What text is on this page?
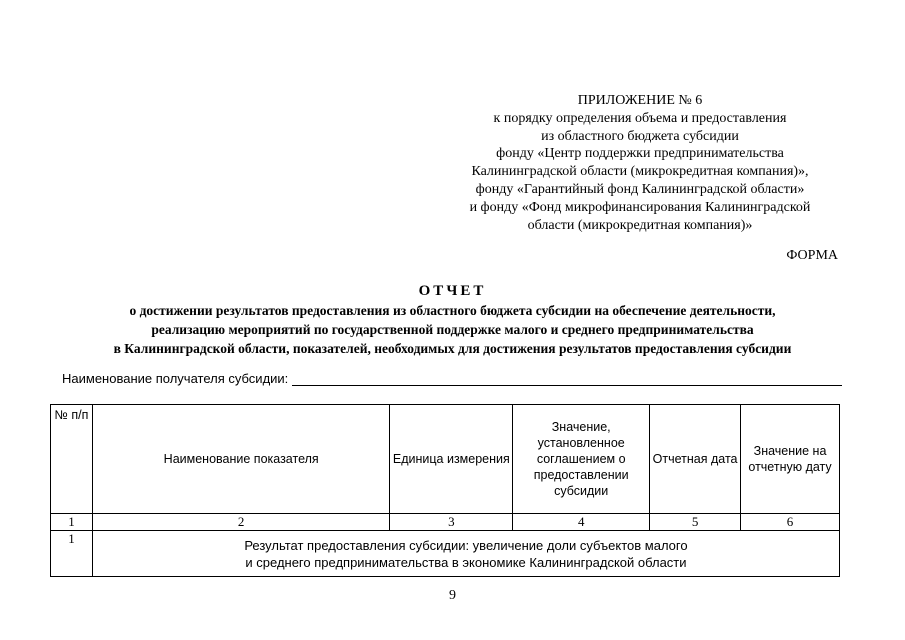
ПРИЛОЖЕНИЕ № 6
к порядку определения объема и предоставления
из областного бюджета субсидии
фонду «Центр поддержки предпринимательства
Калининградской области (микрокредитная компания)»,
фонду «Гарантийный фонд Калининградской области»
и фонду «Фонд микрофинансирования Калининградской
области (микрокредитная компания)»
ФОРМА
ОТЧЕТ
о достижении результатов предоставления из областного бюджета субсидии на обеспечение деятельности,
реализацию мероприятий по государственной поддержке малого и среднего предпринимательства
в Калининградской области, показателей, необходимых для достижения результатов предоставления субсидии
Наименование получателя субсидии:
№ п/п	Наименование показателя	Единица измерения	Значение, установленное соглашением о предоставлении субсидии	Отчетная дата	Значение на отчетную дату
1	2	3	4	5	6
1	Результат предоставления субсидии: увеличение доли субъектов малого
и среднего предпринимательства в экономике Калининградской области				
9
